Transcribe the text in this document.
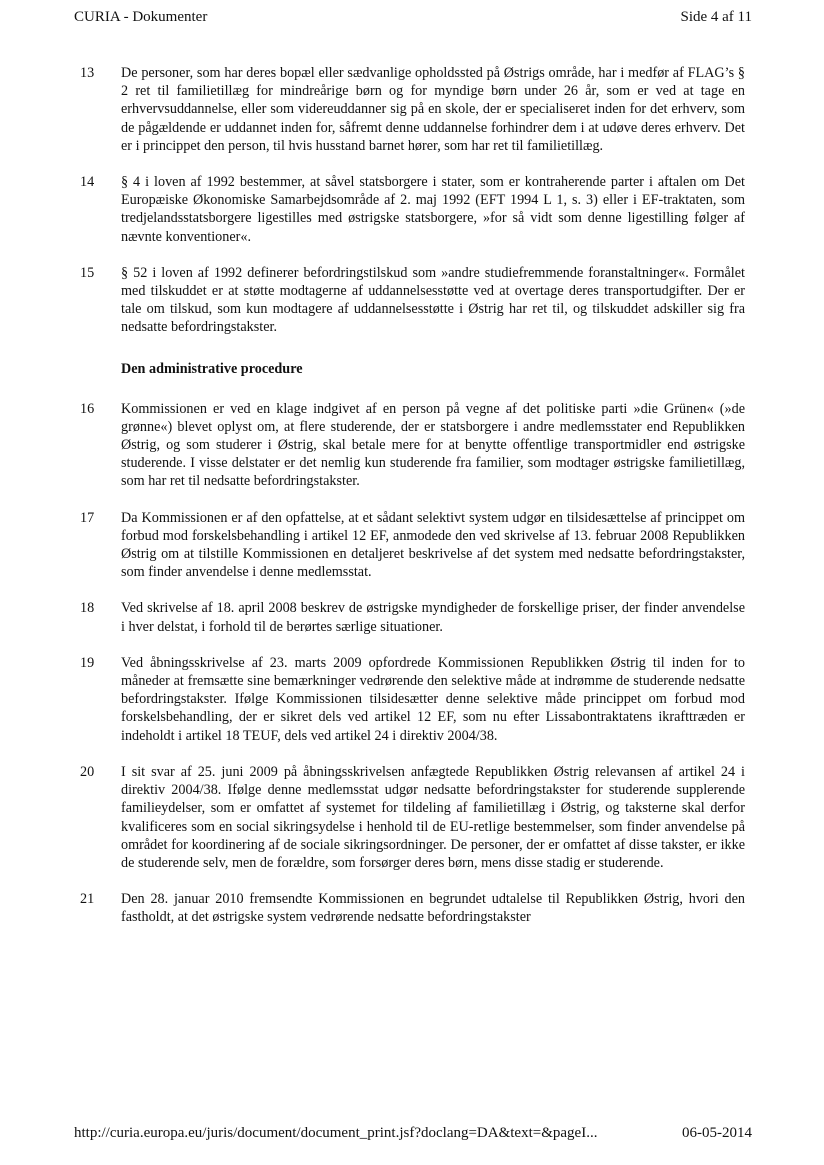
CURIA - Dokumenter	Side 4 af 11
13 De personer, som har deres bopæl eller sædvanlige opholdssted på Østrigs område, har i medfør af FLAG’s § 2 ret til familietillæg for mindreårige børn og for myndige børn under 26 år, som er ved at tage en erhvervsuddannelse, eller som videreuddanner sig på en skole, der er specialiseret inden for det erhverv, som de pågældende er uddannet inden for, såfremt denne uddannelse forhindrer dem i at udøve deres erhverv. Det er i princippet den person, til hvis husstand barnet hører, som har ret til familietillæg.
14 § 4 i loven af 1992 bestemmer, at såvel statsborgere i stater, som er kontraherende parter i aftalen om Det Europæiske Økonomiske Samarbejdsområde af 2. maj 1992 (EFT 1994 L 1, s. 3) eller i EF-traktaten, som tredjelandsstatsborgere ligestilles med østrigske statsborgere, »for så vidt som denne ligestilling følger af nævnte konventioner«.
15 § 52 i loven af 1992 definerer befordringstilskud som »andre studiefremmende foranstaltninger«. Formålet med tilskuddet er at støtte modtagerne af uddannelsesstøtte ved at overtage deres transportudgifter. Der er tale om tilskud, som kun modtagere af uddannelsesstøtte i Østrig har ret til, og tilskuddet adskiller sig fra nedsatte befordringstakster.
Den administrative procedure
16 Kommissionen er ved en klage indgivet af en person på vegne af det politiske parti »die Grünen« (»de grønne«) blevet oplyst om, at flere studerende, der er statsborgere i andre medlemsstater end Republikken Østrig, og som studerer i Østrig, skal betale mere for at benytte offentlige transportmidler end østrigske studerende. I visse delstater er det nemlig kun studerende fra familier, som modtager østrigske familietillæg, som har ret til nedsatte befordringstakster.
17 Da Kommissionen er af den opfattelse, at et sådant selektivt system udgør en tilsidesættelse af princippet om forbud mod forskelsbehandling i artikel 12 EF, anmodede den ved skrivelse af 13. februar 2008 Republikken Østrig om at tilstille Kommissionen en detaljeret beskrivelse af det system med nedsatte befordringstakster, som finder anvendelse i denne medlemsstat.
18 Ved skrivelse af 18. april 2008 beskrev de østrigske myndigheder de forskellige priser, der finder anvendelse i hver delstat, i forhold til de berørtes særlige situationer.
19 Ved åbningsskrivelse af 23. marts 2009 opfordrede Kommissionen Republikken Østrig til inden for to måneder at fremsætte sine bemærkninger vedrørende den selektive måde at indrømme de studerende nedsatte befordringstakster. Ifølge Kommissionen tilsidesætter denne selektive måde princippet om forbud mod forskelsbehandling, der er sikret dels ved artikel 12 EF, som nu efter Lissabontraktatens ikrafttræden er indeholdt i artikel 18 TEUF, dels ved artikel 24 i direktiv 2004/38.
20 I sit svar af 25. juni 2009 på åbningsskrivelsen anfægtede Republikken Østrig relevansen af artikel 24 i direktiv 2004/38. Ifølge denne medlemsstat udgør nedsatte befordringstakster for studerende supplerende familieydelser, som er omfattet af systemet for tildeling af familietillæg i Østrig, og taksterne skal derfor kvalificeres som en social sikringsydelse i henhold til de EU-retlige bestemmelser, som finder anvendelse på området for koordinering af de sociale sikringsordninger. De personer, der er omfattet af disse takster, er ikke de studerende selv, men de forældre, som forsørger deres børn, mens disse stadig er studerende.
21 Den 28. januar 2010 fremsendte Kommissionen en begrundet udtalelse til Republikken Østrig, hvori den fastholdt, at det østrigske system vedrørende nedsatte befordringstakster
http://curia.europa.eu/juris/document/document_print.jsf?doclang=DA&text=&pageI...	06-05-2014
